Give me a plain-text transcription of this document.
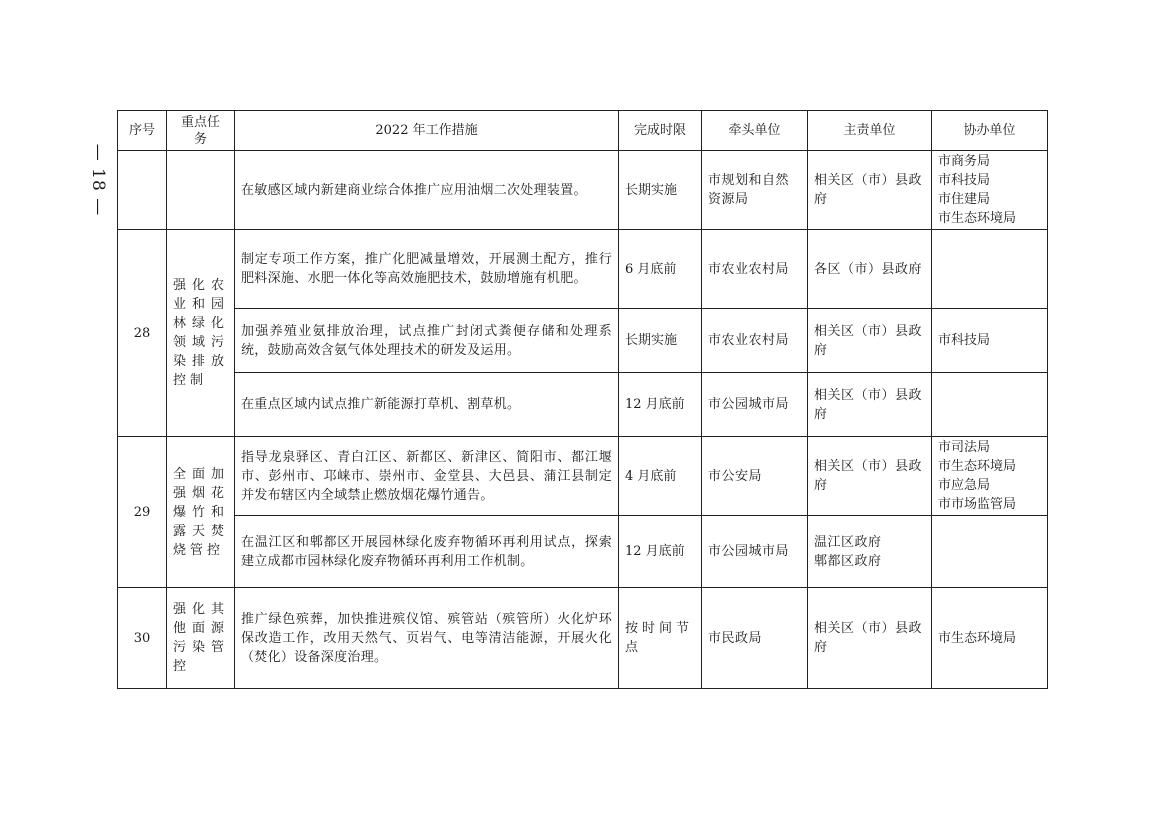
— 18 —
序号	重点任务	2022 年工作措施	完成时限	牵头单位	主责单位	协办单位
		在敏感区域内新建商业综合体推广应用油烟二次处理装置。	长期实施	市规划和自然资源局	相关区（市）县政府	市商务局
市科技局
市住建局
市生态环境局

28	强化农业和园林绿化领域污染排放控制	制定专项工作方案，推广化肥减量增效，开展测土配方，推行肥料深施、水肥一体化等高效施肥技术，鼓励增施有机肥。	6 月底前	市农业农村局	各区（市）县政府	
		加强养殖业氨排放治理，试点推广封闭式粪便存储和处理系统，鼓励高效含氨气体处理技术的研发及运用。	长期实施	市农业农村局	相关区（市）县政府	市科技局
		在重点区域内试点推广新能源打草机、割草机。	12 月底前	市公园城市局	相关区（市）县政府	
29	全面加强烟花爆竹和露天焚烧管控	指导龙泉驿区、青白江区、新都区、新津区、简阳市、都江堰市、彭州市、邛崃市、崇州市、金堂县、大邑县、蒲江县制定并发布辖区内全域禁止燃放烟花爆竹通告。	4 月底前	市公安局	相关区（市）县政府	市司法局
市生态环境局
市应急局
市市场监管局

		在温江区和郫都区开展园林绿化废弃物循环再利用试点，探索建立成都市园林绿化废弃物循环再利用工作机制。	12 月底前	市公园城市局	温江区政府
郫都区政府	

30	强化其他面源污染管控	推广绿色殡葬，加快推进殡仪馆、殡管站（殡管所）火化炉环保改造工作，改用天然气、页岩气、电等清洁能源，开展火化（焚化）设备深度治理。	按时间节点	市民政局	相关区（市）县政府	市生态环境局
